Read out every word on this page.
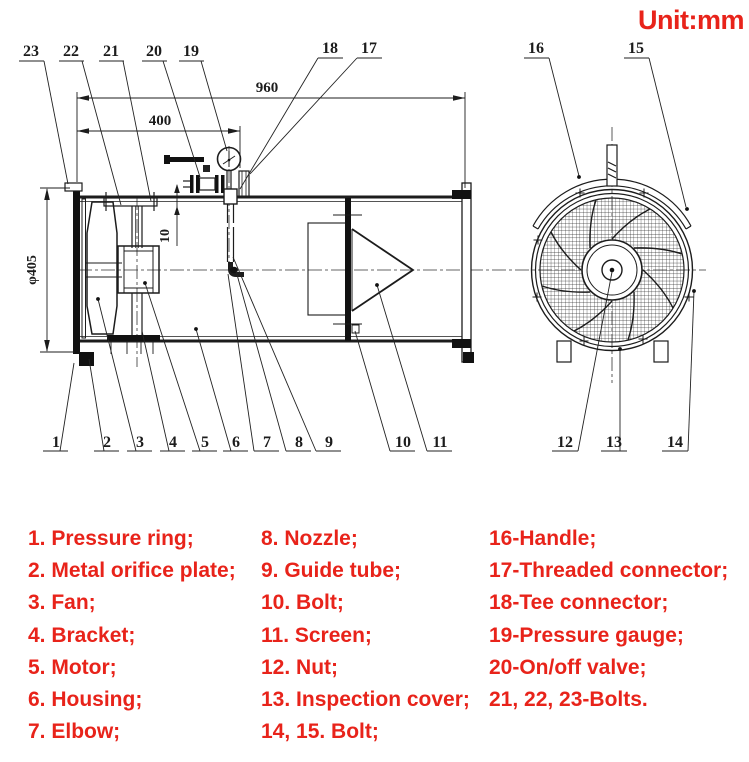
Unit:mm
960
400
10
φ405
23 22 21 20 19	18 17	16	15
1	2 3 4 5 6 7 8 9	10 11	12 13	14
1. Pressure ring;
2. Metal orifice plate;
3. Fan;
4. Bracket;
5. Motor;
6. Housing;
7. Elbow;
8. Nozzle;
9. Guide tube;
10. Bolt;
11. Screen;
12. Nut;
13. Inspection cover;
14, 15. Bolt;
16-Handle;
17-Threaded connector;
18-Tee connector;
19-Pressure gauge;
20-On/off valve;
21, 22, 23-Bolts.
